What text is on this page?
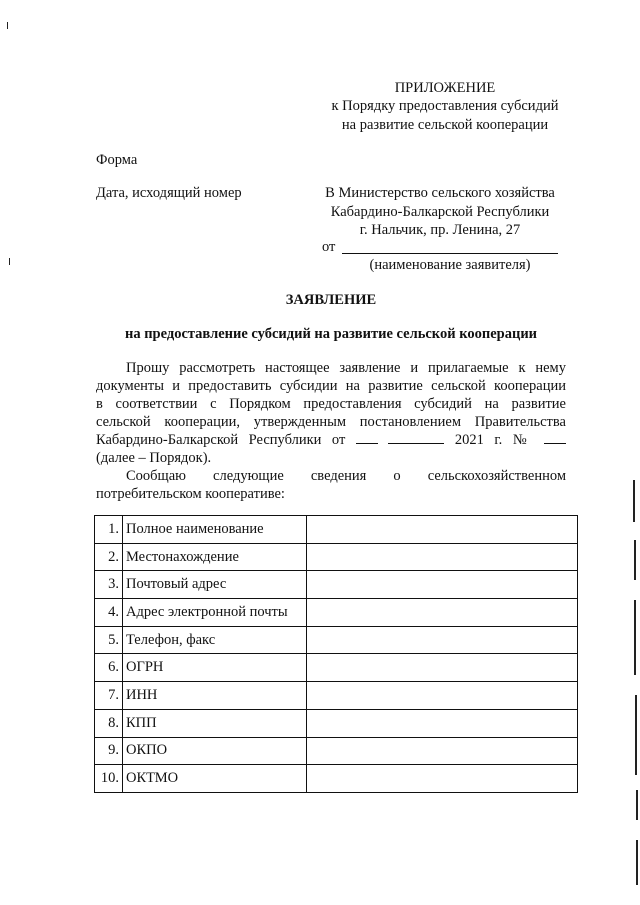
ПРИЛОЖЕНИЕ
к Порядку предоставления субсидий
на развитие сельской кооперации
Форма
Дата, исходящий номер	В Министерство сельского хозяйства
Кабардино-Балкарской Республики
г. Нальчик, пр. Ленина, 27
от
(наименование заявителя)
ЗАЯВЛЕНИЕ
на предоставление субсидий на развитие сельской кооперации
Прошу рассмотреть настоящее заявление и прилагаемые к нему
документы и предоставить субсидии на развитие сельской кооперации
в соответствии с Порядком предоставления субсидий на развитие
сельской кооперации, утвержденным постановлением Правительства
Кабардино-Балкарской Республики от	2021 г. №
(далее – Порядок).
Сообщаю следующие сведения о сельскохозяйственном
потребительском кооперативе:
1.	Полное наименование	
2.	Местонахождение	
3.	Почтовый адрес	
4.	Адрес электронной почты	
5.	Телефон, факс	
6.	ОГРН	
7.	ИНН	
8.	КПП	
9.	ОКПО	
10.	ОКТМО	
